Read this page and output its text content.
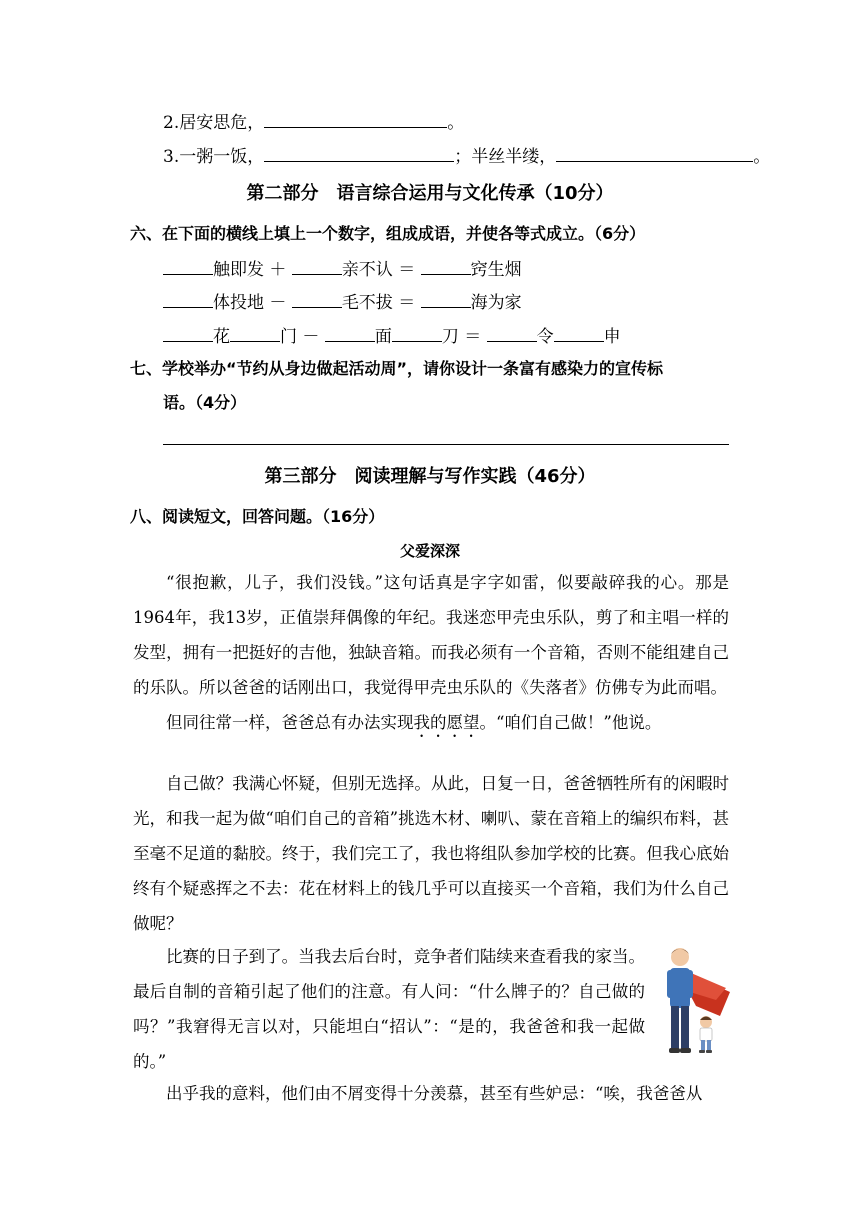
2.居安思危，	。
3.一粥一饭，	；半丝半缕，	。
第二部分　语言综合运用与文化传承（10分）
六、在下面的横线上填上一个数字，组成成语，并使各等式成立。（6分）
触即发 ＋	亲不认 ＝	窍生烟
体投地 －	毛不拔 ＝	海为家
花	门 －	面	刀 ＝	令	申
七、学校举办“节约从身边做起活动周”，请你设计一条富有感染力的宣传标
语。（4分）
第三部分　阅读理解与写作实践（46分）
八、阅读短文，回答问题。（16分）
父爱深深

“很抱歉，儿子，我们没钱。”这句话真是字字如雷，似要敲碎我的心。那是1964年，我13岁，正值崇拜偶像的年纪。我迷恋甲壳虫乐队，剪了和主唱一样的发型，拥有一把挺好的吉他，独缺音箱。而我必须有一个音箱，否则不能组建自己的乐队。所以爸爸的话刚出口，我觉得甲壳虫乐队的《失落者》仿佛专为此而唱。

但同往常一样，爸爸总有办法实现我的愿望。“咱们自己做！”他说。

自己做？我满心怀疑，但别无选择。从此，日复一日，爸爸牺牲所有的闲暇时光，和我一起为做“咱们自己的音箱”挑选木材、喇叭、蒙在音箱上的编织布料，甚至毫不足道的黏胶。终于，我们完工了，我也将组队参加学校的比赛。但我心底始终有个疑惑挥之不去：花在材料上的钱几乎可以直接买一个音箱，我们为什么自己做呢？

比赛的日子到了。当我去后台时，竞争者们陆续来查看我的家当。最后自制的音箱引起了他们的注意。有人问：“什么牌子的？自己做的吗？”我窘得无言以对，只能坦白“招认”：“是的，我爸爸和我一起做的。”

出乎我的意料，他们由不屑变得十分羡慕，甚至有些妒忌：“唉，我爸爸从
